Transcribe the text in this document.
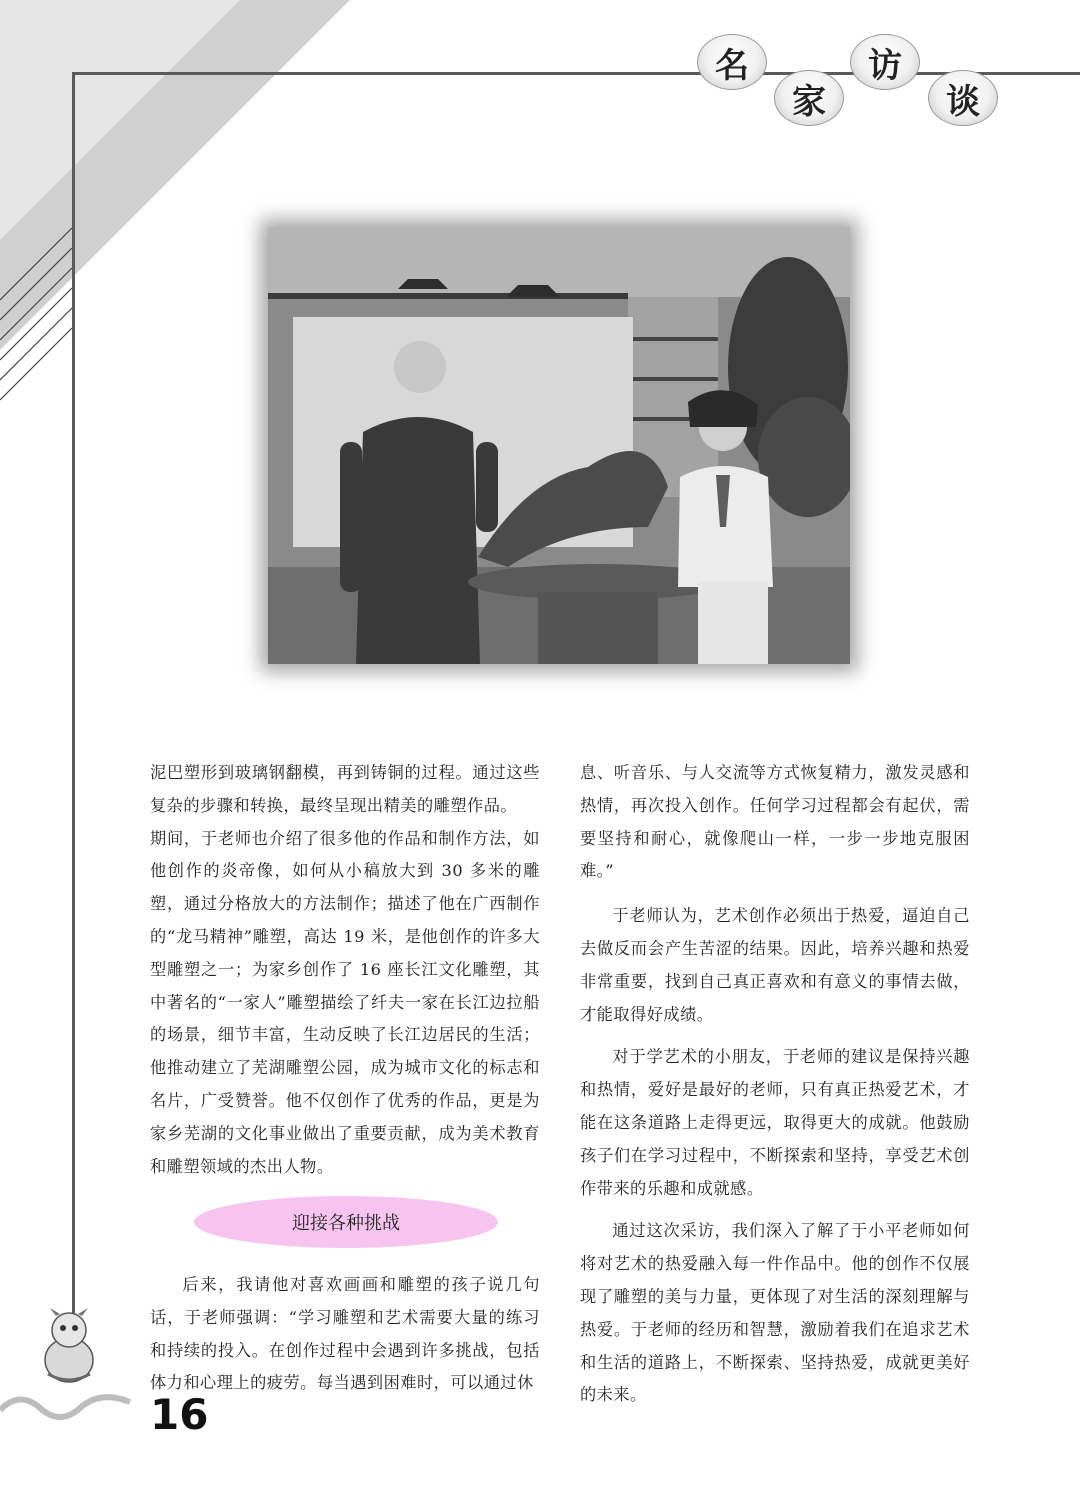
名
家
访
谈

泥巴塑形到玻璃钢翻模，再到铸铜的过程。通过这些复杂的步骤和转换，最终呈现出精美的雕塑作品。

期间，于老师也介绍了很多他的作品和制作方法，如他创作的炎帝像，如何从小稿放大到 30 多米的雕塑，通过分格放大的方法制作；描述了他在广西制作的“龙马精神”雕塑，高达 19 米，是他创作的许多大型雕塑之一；为家乡创作了 16 座长江文化雕塑，其中著名的“一家人”雕塑描绘了纤夫一家在长江边拉船的场景，细节丰富，生动反映了长江边居民的生活；他推动建立了芜湖雕塑公园，成为城市文化的标志和名片，广受赞誉。他不仅创作了优秀的作品，更是为家乡芜湖的文化事业做出了重要贡献，成为美术教育和雕塑领域的杰出人物。

迎接各种挑战

后来，我请他对喜欢画画和雕塑的孩子说几句话，于老师强调：“学习雕塑和艺术需要大量的练习和持续的投入。在创作过程中会遇到许多挑战，包括体力和心理上的疲劳。每当遇到困难时，可以通过休

息、听音乐、与人交流等方式恢复精力，激发灵感和热情，再次投入创作。任何学习过程都会有起伏，需要坚持和耐心，就像爬山一样，一步一步地克服困难。”

于老师认为，艺术创作必须出于热爱，逼迫自己去做反而会产生苦涩的结果。因此，培养兴趣和热爱非常重要，找到自己真正喜欢和有意义的事情去做，才能取得好成绩。

对于学艺术的小朋友，于老师的建议是保持兴趣和热情，爱好是最好的老师，只有真正热爱艺术，才能在这条道路上走得更远，取得更大的成就。他鼓励孩子们在学习过程中，不断探索和坚持，享受艺术创作带来的乐趣和成就感。

通过这次采访，我们深入了解了于小平老师如何将对艺术的热爱融入每一件作品中。他的创作不仅展现了雕塑的美与力量，更体现了对生活的深刻理解与热爱。于老师的经历和智慧，激励着我们在追求艺术和生活的道路上，不断探索、坚持热爱，成就更美好的未来。

16
